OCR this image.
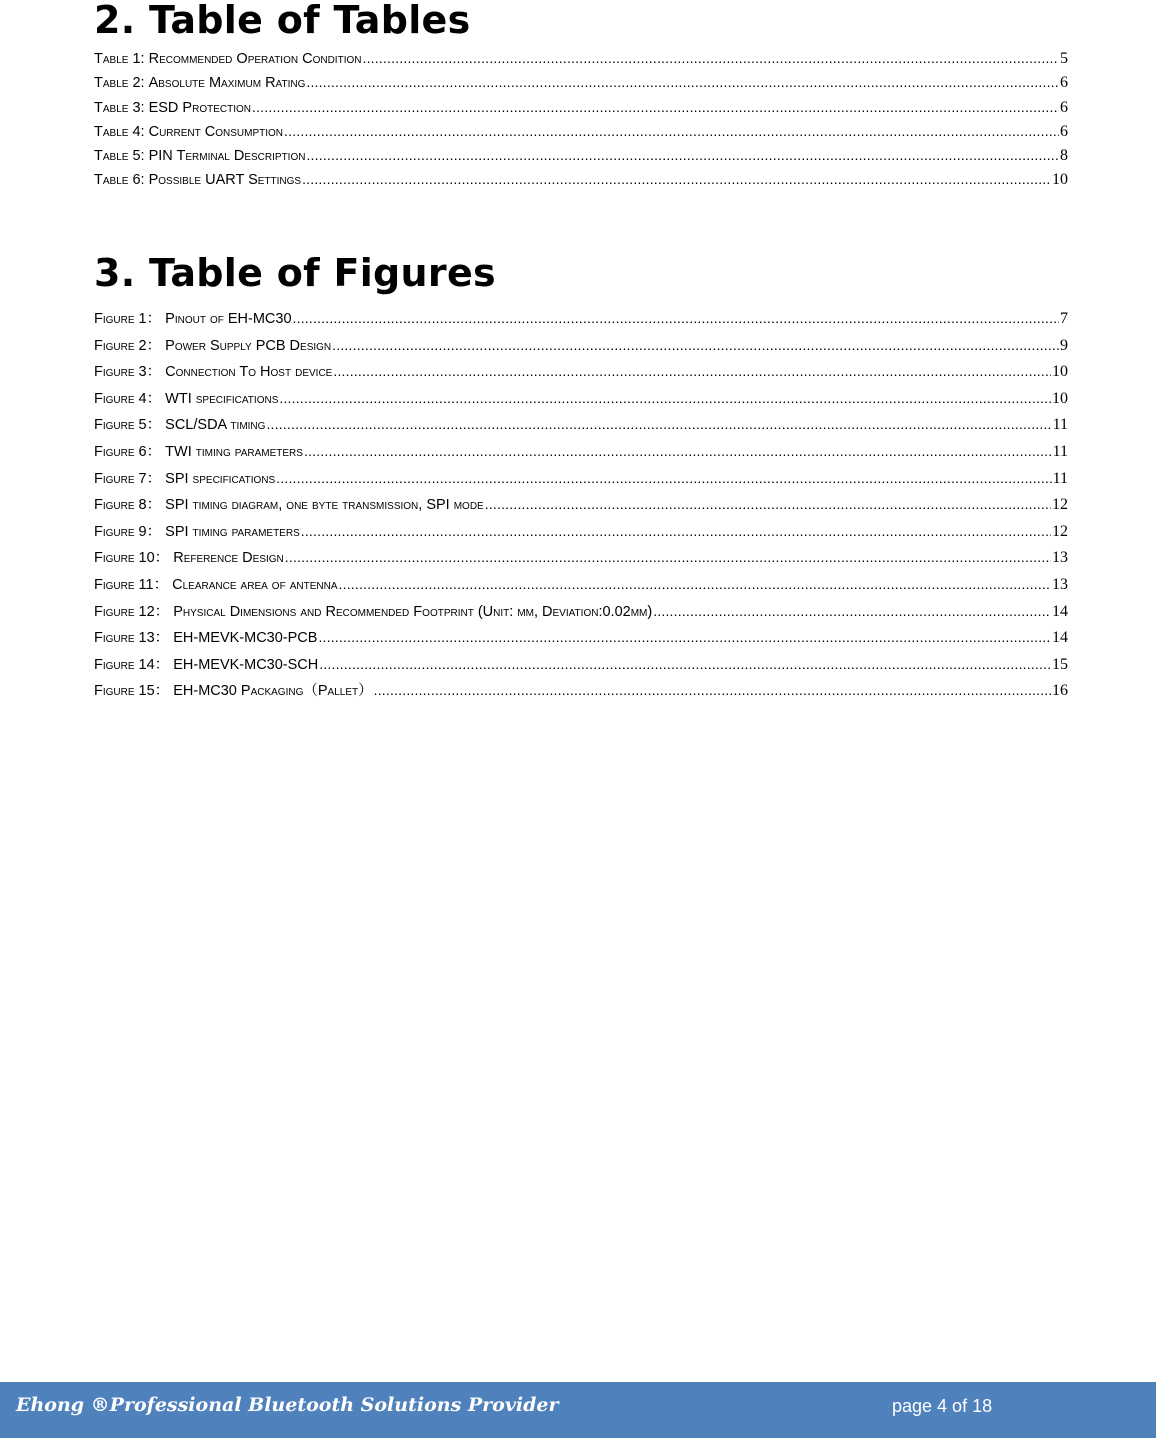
2. Table of Tables
Table 1:
Recommended Operation Condition .....	5
Table 2:
Absolute Maximum Rating .....	6
Table 3:
ESD Protection .....	6
Table 4:
Current Consumption .....	6
Table 5:
PIN Terminal Description .....	8
Table 6:
Possible UART Settings .....	10
3. Table of Figures
Figure 1：
Pinout of EH-MC30 .....	7
Figure 2：
Power Supply PCB Design .....	9
Figure 3：
Connection To Host device .....	10
Figure 4：
WTI specifications .....	10
Figure 5：
SCL/SDA timing .....	11
Figure 6：
TWI timing parameters .....	11
Figure 7：
SPI specifications .....	11
Figure 8：
SPI timing diagram, one byte transmission, SPI mode .....	12
Figure 9：
SPI timing parameters .....	12
Figure 10：
Reference Design .....	13
Figure 11：
Clearance area of antenna .....	13
Figure 12：
Physical Dimensions and Recommended Footprint (Unit: mm, Deviation:0.02mm) .....	14
Figure 13：
EH-MEVK-MC30-PCB .....	14
Figure 14：
EH-MEVK-MC30-SCH .....	15
Figure 15：
EH-MC30 Packaging（Pallet） .....	16
Ehong ®Professional Bluetooth Solutions Provider	page 4 of 18
